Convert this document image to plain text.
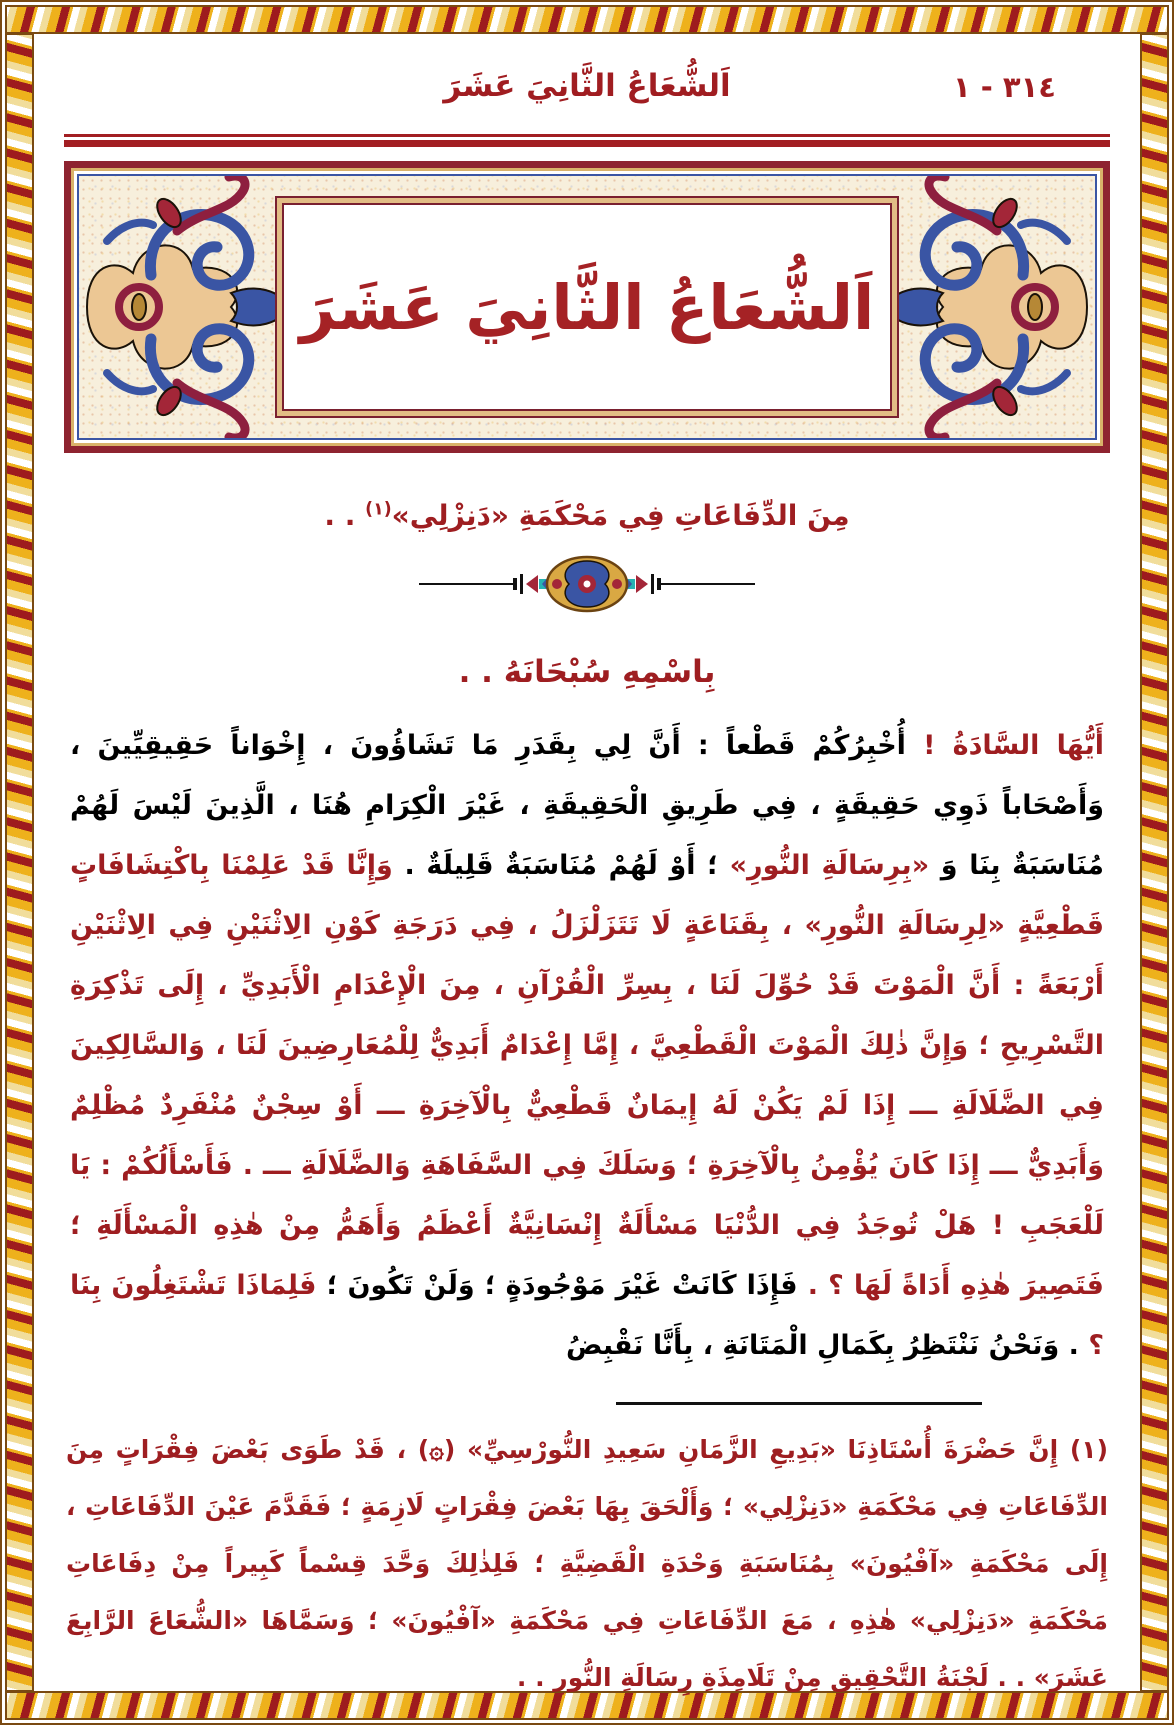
اَلشُّعَاعُ الثَّانِيَ عَشَرَ	٣١٤ - ١
اَلشُّعَاعُ الثَّانِيَ عَشَرَ
مِنَ الدِّفَاعَاتِ فِي مَحْكَمَةِ «دَنِزْلِي»$^{(١)}$ . .
بِاسْمِهِ سُبْحَانَهُ . .

أَيُّهَا السَّادَةُ ! أُخْبِرُكُمْ قَطْعاً : أَنَّ لِي بِقَدَرِ مَا تَشَاؤُونَ ، إِخْوَاناً حَقِيقِيِّينَ ، وَأَصْحَاباً ذَوِي حَقِيقَةٍ ، فِي طَرِيقِ الْحَقِيقَةِ ، غَيْرَ الْكِرَامِ هُنَا ، الَّذِينَ لَيْسَ لَهُمْ مُنَاسَبَةٌ بِنَا وَ «بِرِسَالَةِ النُّورِ» ؛ أَوْ لَهُمْ مُنَاسَبَةٌ قَلِيلَةٌ . وَإِنَّا قَدْ عَلِمْنَا بِاكْتِشَافَاتٍ قَطْعِيَّةٍ «لِرِسَالَةِ النُّورِ» ، بِقَنَاعَةٍ لَا تَتَزَلْزَلُ ، فِي دَرَجَةِ كَوْنِ الِاثْنَيْنِ فِي الِاثْنَيْنِ أَرْبَعَةً : أَنَّ الْمَوْتَ قَدْ حُوِّلَ لَنَا ، بِسِرِّ الْقُرْآنِ ، مِنَ الْإِعْدَامِ الْأَبَدِيِّ ، إِلَى تَذْكِرَةِ التَّسْرِيحِ ؛ وَإِنَّ ذٰلِكَ الْمَوْتَ الْقَطْعِيَّ ، إِمَّا إِعْدَامٌ أَبَدِيٌّ لِلْمُعَارِضِينَ لَنَا ، وَالسَّالِكِينَ فِي الضَّلَالَةِ ـــ إِذَا لَمْ يَكُنْ لَهُ إِيمَانٌ قَطْعِيٌّ بِالْآخِرَةِ ـــ أَوْ سِجْنٌ مُنْفَرِدٌ مُظْلِمٌ وَأَبَدِيٌّ ـــ إِذَا كَانَ يُؤْمِنُ بِالْآخِرَةِ ؛ وَسَلَكَ فِي السَّفَاهَةِ وَالضَّلَالَةِ ـــ . فَأَسْأَلُكُمْ : يَا لَلْعَجَبِ ! هَلْ تُوجَدُ فِي الدُّنْيَا مَسْأَلَةٌ إِنْسَانِيَّةٌ أَعْظَمُ وَأَهَمُّ مِنْ هٰذِهِ الْمَسْأَلَةِ ؛ فَتَصِيرَ هٰذِهِ أَدَاةً لَهَا ؟ . فَإِذَا كَانَتْ غَيْرَ مَوْجُودَةٍ ؛ وَلَنْ تَكُونَ ؛ فَلِمَاذَا تَشْتَغِلُونَ بِنَا ؟ . وَنَحْنُ نَنْتَظِرُ بِكَمَالِ الْمَتَانَةِ ، بِأَنَّا نَقْبِضُ

(١) إِنَّ حَضْرَةَ أُسْتَاذِنَا «بَدِيعِ الزَّمَانِ سَعِيدِ النُّورْسِيِّ» (۞) ، قَدْ طَوَى بَعْضَ فِقْرَاتٍ مِنَ الدِّفَاعَاتِ فِي مَحْكَمَةِ «دَنِزْلِي» ؛ وَأَلْحَقَ بِهَا بَعْضَ فِقْرَاتٍ لَازِمَةٍ ؛ فَقَدَّمَ عَيْنَ الدِّفَاعَاتِ ، إِلَى مَحْكَمَةِ «آفْيُونَ» بِمُنَاسَبَةِ وَحْدَةِ الْقَضِيَّةِ ؛ فَلِذٰلِكَ وَحَّدَ قِسْماً كَبِيراً مِنْ دِفَاعَاتِ مَحْكَمَةِ «دَنِزْلِي» هٰذِهِ ، مَعَ الدِّفَاعَاتِ فِي مَحْكَمَةِ «آفْيُونَ» ؛ وَسَمَّاهَا «الشُّعَاعَ الرَّابِعَ عَشَرَ» . . لَجْنَةُ التَّحْقِيقِ مِنْ تَلَامِذَةِ رِسَالَةِ النُّورِ . .
